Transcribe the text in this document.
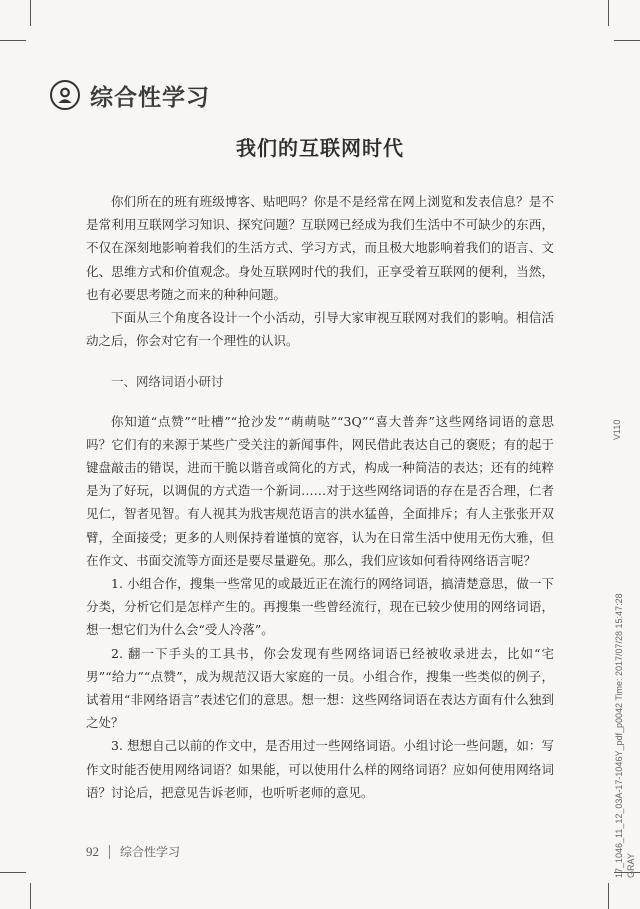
综合性学习
我们的互联网时代

你们所在的班有班级博客、贴吧吗？你是不是经常在网上浏览和发表信息？是不是常利用互联网学习知识、探究问题？互联网已经成为我们生活中不可缺少的东西，不仅在深刻地影响着我们的生活方式、学习方式，而且极大地影响着我们的语言、文化、思维方式和价值观念。身处互联网时代的我们，正享受着互联网的便利，当然，也有必要思考随之而来的种种问题。

下面从三个角度各设计一个小活动，引导大家审视互联网对我们的影响。相信活动之后，你会对它有一个理性的认识。

一、网络词语小研讨

你知道“点赞”“吐槽”“抢沙发”“萌萌哒”“3Q”“喜大普奔”这些网络词语的意思吗？它们有的来源于某些广受关注的新闻事件，网民借此表达自己的褒贬；有的起于键盘敲击的错误，进而干脆以谐音或简化的方式，构成一种简洁的表达；还有的纯粹是为了好玩，以调侃的方式造一个新词……对于这些网络词语的存在是否合理，仁者见仁，智者见智。有人视其为戕害规范语言的洪水猛兽，全面排斥；有人主张张开双臂，全面接受；更多的人则保持着谨慎的宽容，认为在日常生活中使用无伤大雅，但在作文、书面交流等方面还是要尽量避免。那么，我们应该如何看待网络语言呢？

1. 小组合作，搜集一些常见的或最近正在流行的网络词语，搞清楚意思，做一下分类，分析它们是怎样产生的。再搜集一些曾经流行，现在已较少使用的网络词语，想一想它们为什么会“受人冷落”。

2. 翻一下手头的工具书，你会发现有些网络词语已经被收录进去，比如“宅男”“给力”“点赞”，成为规范汉语大家庭的一员。小组合作，搜集一些类似的例子，试着用“非网络语言”表述它们的意思。想一想：这些网络词语在表达方面有什么独到之处？

3. 想想自己以前的作文中，是否用过一些网络词语。小组讨论一些问题，如：写作文时能否使用网络词语？如果能，可以使用什么样的网络词语？应如何使用网络词语？讨论后，把意见告诉老师，也听听老师的意见。

92 综合性学习
V110
17_1046_11_12_03A-17-1046Y_pdf_p0042 Time: 2017/07/28 15:47:28 GRAY
